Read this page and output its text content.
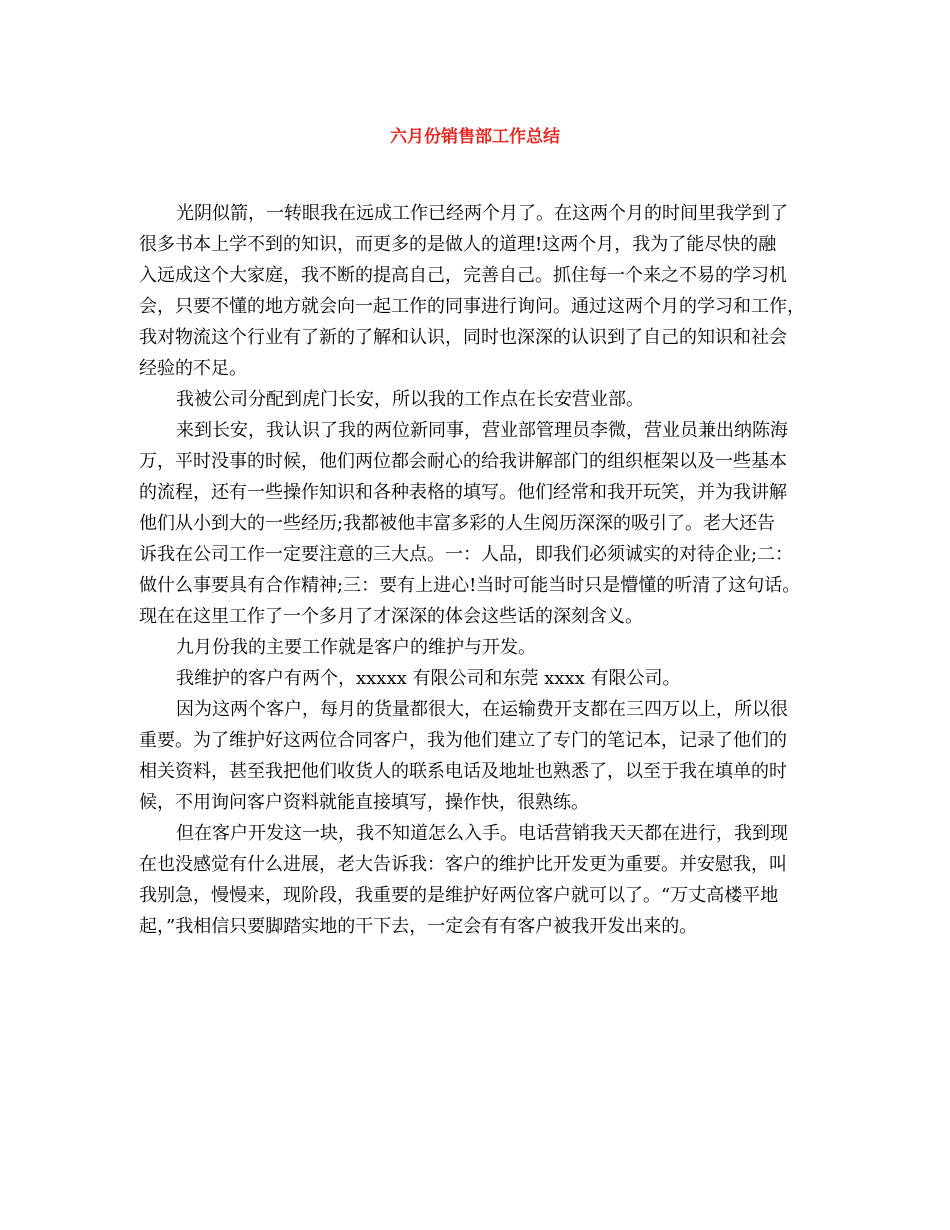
六月份销售部工作总结
光阴似箭，一转眼我在远成工作已经两个月了。在这两个月的时间里我学到了
很多书本上学不到的知识，而更多的是做人的道理!这两个月，我为了能尽快的融
入远成这个大家庭，我不断的提高自己，完善自己。抓住每一个来之不易的学习机
会，只要不懂的地方就会向一起工作的同事进行询问。通过这两个月的学习和工作，
我对物流这个行业有了新的了解和认识，同时也深深的认识到了自己的知识和社会
经验的不足。
我被公司分配到虎门长安，所以我的工作点在长安营业部。
来到长安，我认识了我的两位新同事，营业部管理员李微，营业员兼出纳陈海
万，平时没事的时候，他们两位都会耐心的给我讲解部门的组织框架以及一些基本
的流程，还有一些操作知识和各种表格的填写。他们经常和我开玩笑，并为我讲解
他们从小到大的一些经历;我都被他丰富多彩的人生阅历深深的吸引了。老大还告
诉我在公司工作一定要注意的三大点。一：人品，即我们必须诚实的对待企业;二：
做什么事要具有合作精神;三：要有上进心!当时可能当时只是懵懂的听清了这句话。
现在在这里工作了一个多月了才深深的体会这些话的深刻含义。
九月份我的主要工作就是客户的维护与开发。
我维护的客户有两个，xxxxx 有限公司和东莞 xxxx 有限公司。
因为这两个客户，每月的货量都很大，在运输费开支都在三四万以上，所以很
重要。为了维护好这两位合同客户，我为他们建立了专门的笔记本，记录了他们的
相关资料，甚至我把他们收货人的联系电话及地址也熟悉了，以至于我在填单的时
候，不用询问客户资料就能直接填写，操作快，很熟练。
但在客户开发这一块，我不知道怎么入手。电话营销我天天都在进行，我到现
在也没感觉有什么进展，老大告诉我：客户的维护比开发更为重要。并安慰我，叫
我别急，慢慢来，现阶段，我重要的是维护好两位客户就可以了。“万丈高楼平地
起，”我相信只要脚踏实地的干下去，一定会有有客户被我开发出来的。
